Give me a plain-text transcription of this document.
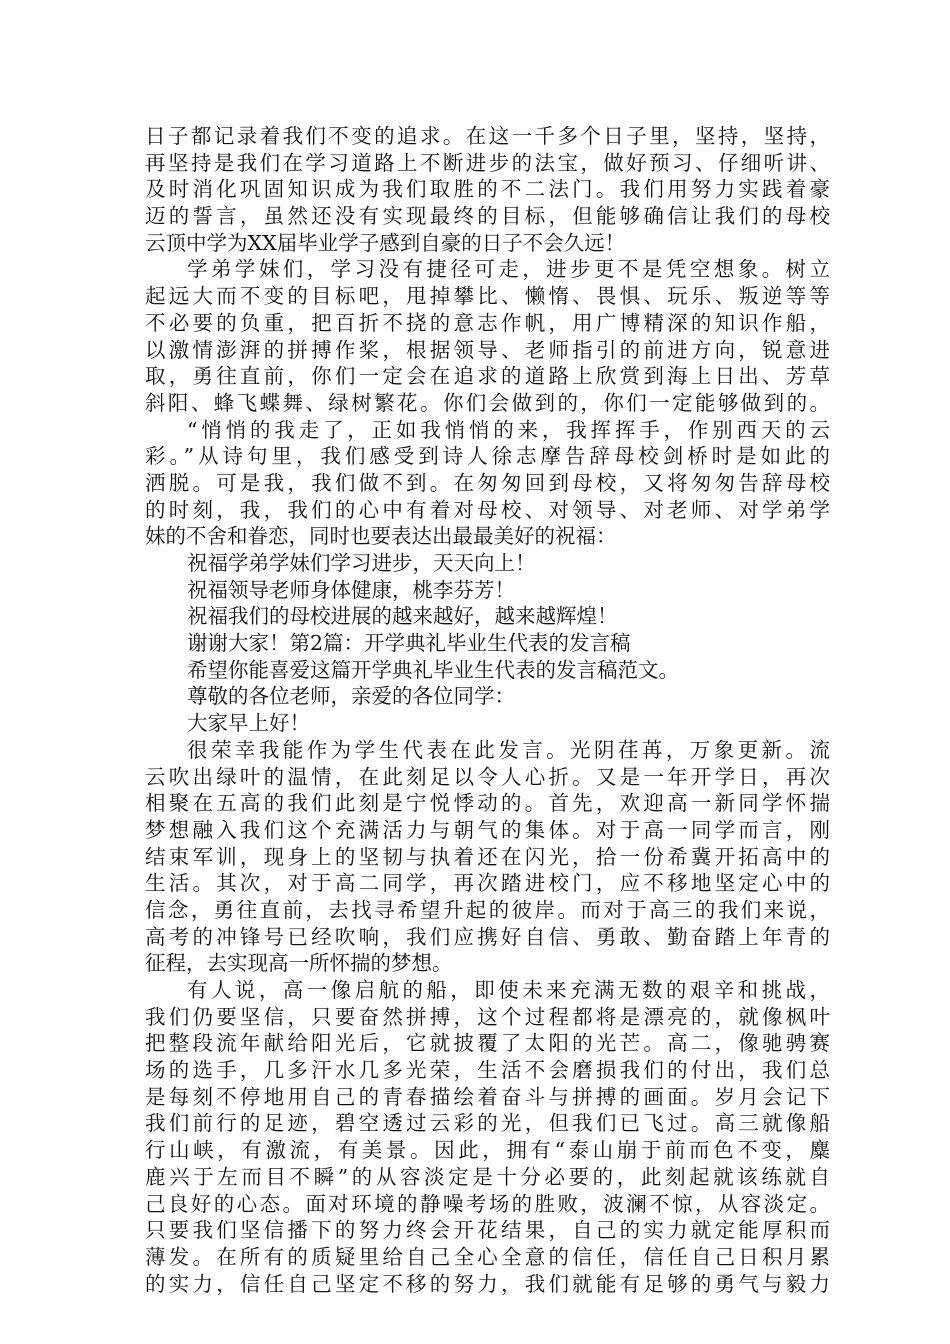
日子都记录着我们不变的追求。在这一千多个日子里，坚持，坚持，
再坚持是我们在学习道路上不断进步的法宝，做好预习、仔细听讲、
及时消化巩固知识成为我们取胜的不二法门。我们用努力实践着豪
迈的誓言，虽然还没有实现最终的目标，但能够确信让我们的母校
云顶中学为XX届毕业学子感到自豪的日子不会久远！
学弟学妹们，学习没有捷径可走，进步更不是凭空想象。树立
起远大而不变的目标吧，甩掉攀比、懒惰、畏惧、玩乐、叛逆等等
不必要的负重，把百折不挠的意志作帆，用广博精深的知识作船，
以激情澎湃的拼搏作桨，根据领导、老师指引的前进方向，锐意进
取，勇往直前，你们一定会在追求的道路上欣赏到海上日出、芳草
斜阳、蜂飞蝶舞、绿树繁花。你们会做到的，你们一定能够做到的。
“悄悄的我走了，正如我悄悄的来，我挥挥手，作别西天的云
彩。”从诗句里，我们感受到诗人徐志摩告辞母校剑桥时是如此的
洒脱。可是我，我们做不到。在匆匆回到母校，又将匆匆告辞母校
的时刻，我，我们的心中有着对母校、对领导、对老师、对学弟学
妹的不舍和眷恋，同时也要表达出最最美好的祝福：
祝福学弟学妹们学习进步，天天向上！
祝福领导老师身体健康，桃李芬芳！
祝福我们的母校进展的越来越好，越来越辉煌！
谢谢大家！第2篇：开学典礼毕业生代表的发言稿
希望你能喜爱这篇开学典礼毕业生代表的发言稿范文。
尊敬的各位老师，亲爱的各位同学：
大家早上好！
很荣幸我能作为学生代表在此发言。光阴荏苒，万象更新。流
云吹出绿叶的温情，在此刻足以令人心折。又是一年开学日，再次
相聚在五高的我们此刻是宁悦悸动的。首先，欢迎高一新同学怀揣
梦想融入我们这个充满活力与朝气的集体。对于高一同学而言，刚
结束军训，现身上的坚韧与执着还在闪光，拾一份希冀开拓高中的
生活。其次，对于高二同学，再次踏进校门，应不移地坚定心中的
信念，勇往直前，去找寻希望升起的彼岸。而对于高三的我们来说，
高考的冲锋号已经吹响，我们应携好自信、勇敢、勤奋踏上年青的
征程，去实现高一所怀揣的梦想。
有人说，高一像启航的船，即使未来充满无数的艰辛和挑战，
我们仍要坚信，只要奋然拼搏，这个过程都将是漂亮的，就像枫叶
把整段流年献给阳光后，它就披覆了太阳的光芒。高二，像驰骋赛
场的选手，几多汗水几多光荣，生活不会磨损我们的付出，我们总
是每刻不停地用自己的青春描绘着奋斗与拼搏的画面。岁月会记下
我们前行的足迹，碧空透过云彩的光，但我们已飞过。高三就像船
行山峡，有激流，有美景。因此，拥有“泰山崩于前而色不变，麋
鹿兴于左而目不瞬”的从容淡定是十分必要的，此刻起就该练就自
己良好的心态。面对环境的静噪考场的胜败，波澜不惊，从容淡定。
只要我们坚信播下的努力终会开花结果，自己的实力就定能厚积而
薄发。在所有的质疑里给自己全心全意的信任，信任自己日积月累
的实力，信任自己坚定不移的努力，我们就能有足够的勇气与毅力
